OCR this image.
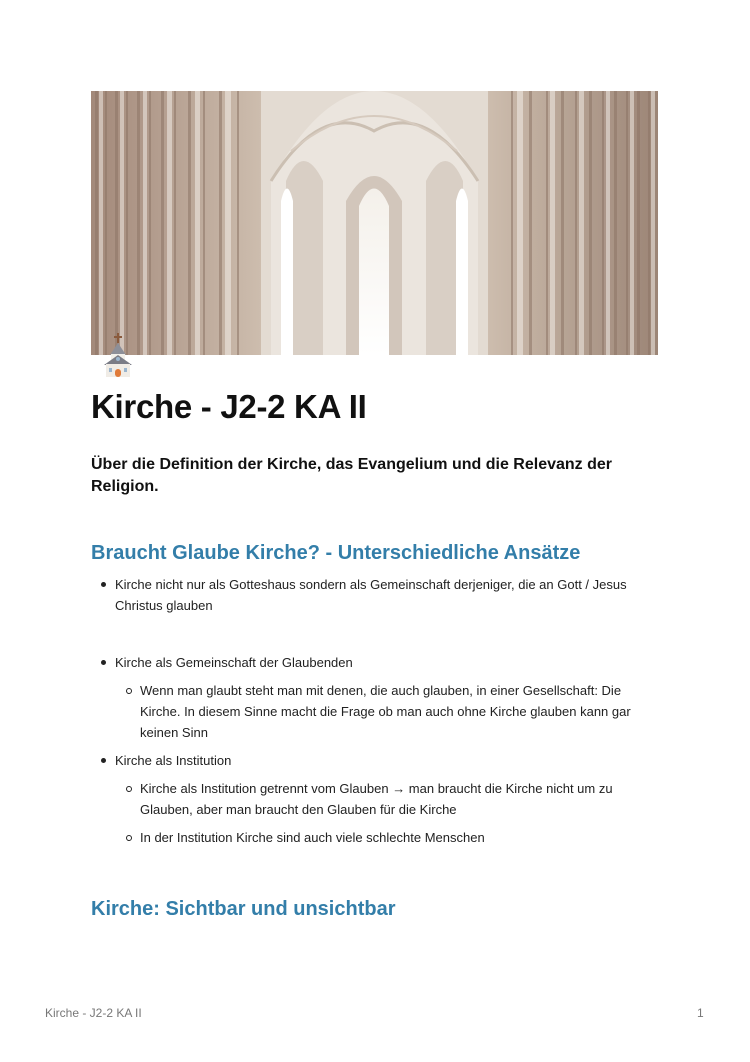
Kirche - J2-2 KA II

Über die Definition der Kirche, das Evangelium und die Relevanz der Religion.

Braucht Glaube Kirche? - Unterschiedliche Ansätze
Kirche nicht nur als Gotteshaus sondern als Gemeinschaft derjeniger, die an Gott / Jesus Christus glauben
Kirche als Gemeinschaft der Glaubenden
Wenn man glaubt steht man mit denen, die auch glauben, in einer Gesellschaft: Die Kirche. In diesem Sinne macht die Frage ob man auch ohne Kirche glauben kann gar keinen Sinn
Kirche als Institution
Kirche als Institution getrennt vom Glauben → man braucht die Kirche nicht um zu Glauben, aber man braucht den Glauben für die Kirche
In der Institution Kirche sind auch viele schlechte Menschen
Kirche: Sichtbar und unsichtbar
Kirche - J2-2 KA II	1
